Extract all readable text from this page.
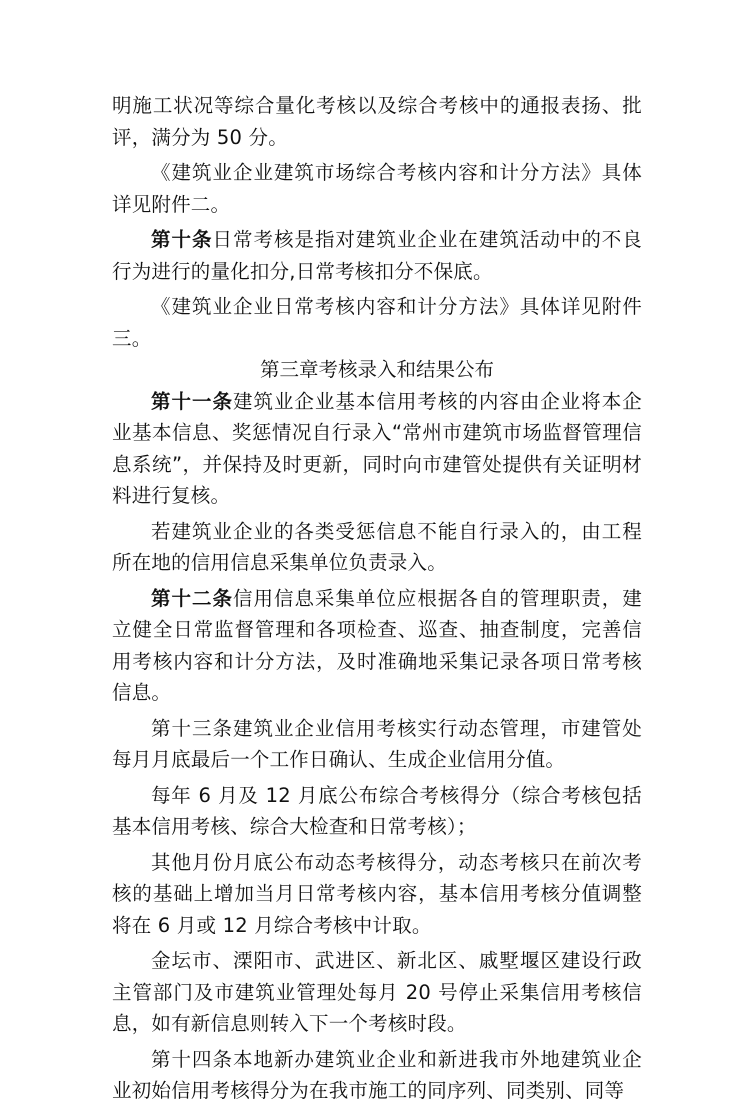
明施工状况等综合量化考核以及综合考核中的通报表扬、批评，满分为 50 分。

《建筑业企业建筑市场综合考核内容和计分方法》具体详见附件二。

第十条日常考核是指对建筑业企业在建筑活动中的不良行为进行的量化扣分,日常考核扣分不保底。

《建筑业企业日常考核内容和计分方法》具体详见附件三。

第三章考核录入和结果公布

第十一条建筑业企业基本信用考核的内容由企业将本企业基本信息、奖惩情况自行录入“常州市建筑市场监督管理信息系统”，并保持及时更新，同时向市建管处提供有关证明材料进行复核。

若建筑业企业的各类受惩信息不能自行录入的，由工程所在地的信用信息采集单位负责录入。

第十二条信用信息采集单位应根据各自的管理职责，建立健全日常监督管理和各项检查、巡查、抽查制度，完善信用考核内容和计分方法，及时准确地采集记录各项日常考核信息。

第十三条建筑业企业信用考核实行动态管理，市建管处每月月底最后一个工作日确认、生成企业信用分值。

每年 6 月及 12 月底公布综合考核得分（综合考核包括基本信用考核、综合大检查和日常考核）；

其他月份月底公布动态考核得分，动态考核只在前次考核的基础上增加当月日常考核内容，基本信用考核分值调整将在 6 月或 12 月综合考核中计取。

金坛市、溧阳市、武进区、新北区、戚墅堰区建设行政主管部门及市建筑业管理处每月 20 号停止采集信用考核信息，如有新信息则转入下一个考核时段。

第十四条本地新办建筑业企业和新进我市外地建筑业企业初始信用考核得分为在我市施工的同序列、同类别、同等
